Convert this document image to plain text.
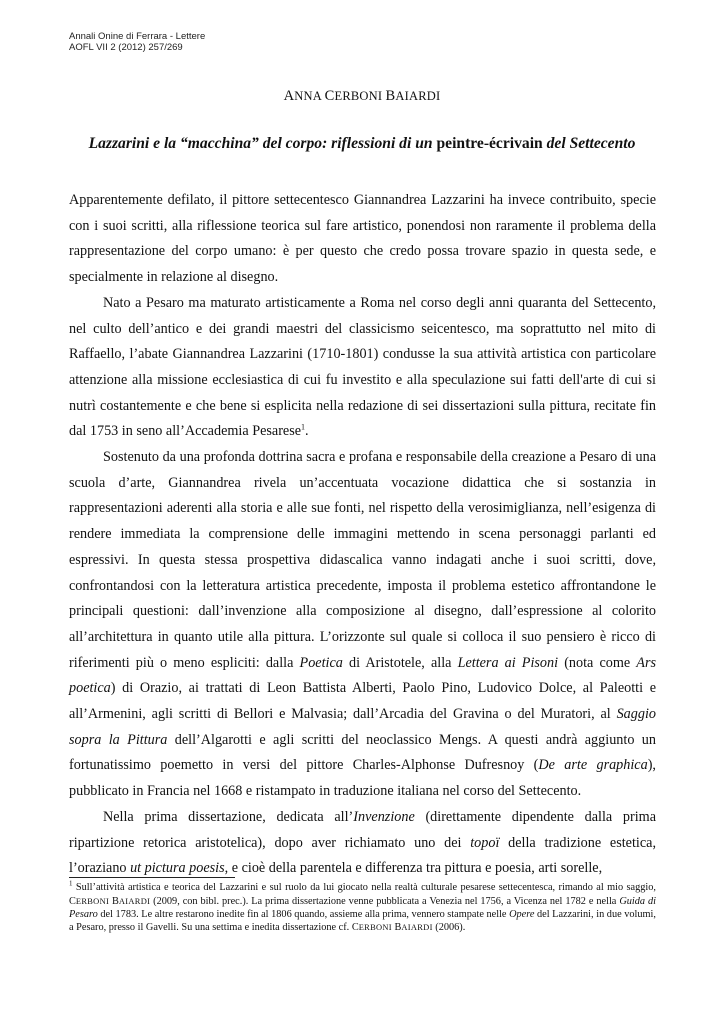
Annali Onine di Ferrara - Lettere
AOFL VII 2 (2012) 257/269
ANNA CERBONI BAIARDI
Lazzarini e la “macchina” del corpo: riflessioni di un peintre-écrivain del Settecento

Apparentemente defilato, il pittore settecentesco Giannandrea Lazzarini ha invece contribuito, specie con i suoi scritti, alla riflessione teorica sul fare artistico, ponendosi non raramente il problema della rappresentazione del corpo umano: è per questo che credo possa trovare spazio in questa sede, e specialmente in relazione al disegno.

Nato a Pesaro ma maturato artisticamente a Roma nel corso degli anni quaranta del Settecento, nel culto dell’antico e dei grandi maestri del classicismo seicentesco, ma soprattutto nel mito di Raffaello, l’abate Giannandrea Lazzarini (1710-1801) condusse la sua attività artistica con particolare attenzione alla missione ecclesiastica di cui fu investito e alla speculazione sui fatti dell'arte di cui si nutrì costantemente e che bene si esplicita nella redazione di sei dissertazioni sulla pittura, recitate fin dal 1753 in seno all’Accademia Pesarese$^1$.

Sostenuto da una profonda dottrina sacra e profana e responsabile della creazione a Pesaro di una scuola d’arte, Giannandrea rivela un’accentuata vocazione didattica che si sostanzia in rappresentazioni aderenti alla storia e alle sue fonti, nel rispetto della verosimiglianza, nell’esigenza di rendere immediata la comprensione delle immagini mettendo in scena personaggi parlanti ed espressivi. In questa stessa prospettiva didascalica vanno indagati anche i suoi scritti, dove, confrontandosi con la letteratura artistica precedente, imposta il problema estetico affrontandone le principali questioni: dall’invenzione alla composizione al disegno, dall’espressione al colorito all’architettura in quanto utile alla pittura. L’orizzonte sul quale si colloca il suo pensiero è ricco di riferimenti più o meno espliciti: dalla Poetica di Aristotele, alla Lettera ai Pisoni (nota come Ars poetica) di Orazio, ai trattati di Leon Battista Alberti, Paolo Pino, Ludovico Dolce, al Paleotti e all’Armenini, agli scritti di Bellori e Malvasia; dall’Arcadia del Gravina o del Muratori, al Saggio sopra la Pittura dell’Algarotti e agli scritti del neoclassico Mengs. A questi andrà aggiunto un fortunatissimo poemetto in versi del pittore Charles-Alphonse Dufresnoy (De arte graphica), pubblicato in Francia nel 1668 e ristampato in traduzione italiana nel corso del Settecento.

Nella prima dissertazione, dedicata all’Invenzione (direttamente dipendente dalla prima ripartizione retorica aristotelica), dopo aver richiamato uno dei topoï della tradizione estetica, l’oraziano ut pictura poesis, e cioè della parentela e differenza tra pittura e poesia, arti sorelle,

$^1$ Sull’attività artistica e teorica del Lazzarini e sul ruolo da lui giocato nella realtà culturale pesarese settecentesca, rimando al mio saggio, CERBONI BAIARDI (2009, con bibl. prec.). La prima dissertazione venne pubblicata a Venezia nel 1756, a Vicenza nel 1782 e nella Guida di Pesaro del 1783. Le altre restarono inedite fin al 1806 quando, assieme alla prima, vennero stampate nelle Opere del Lazzarini, in due volumi, a Pesaro, presso il Gavelli. Su una settima e inedita dissertazione cf. CERBONI BAIARDI (2006).
